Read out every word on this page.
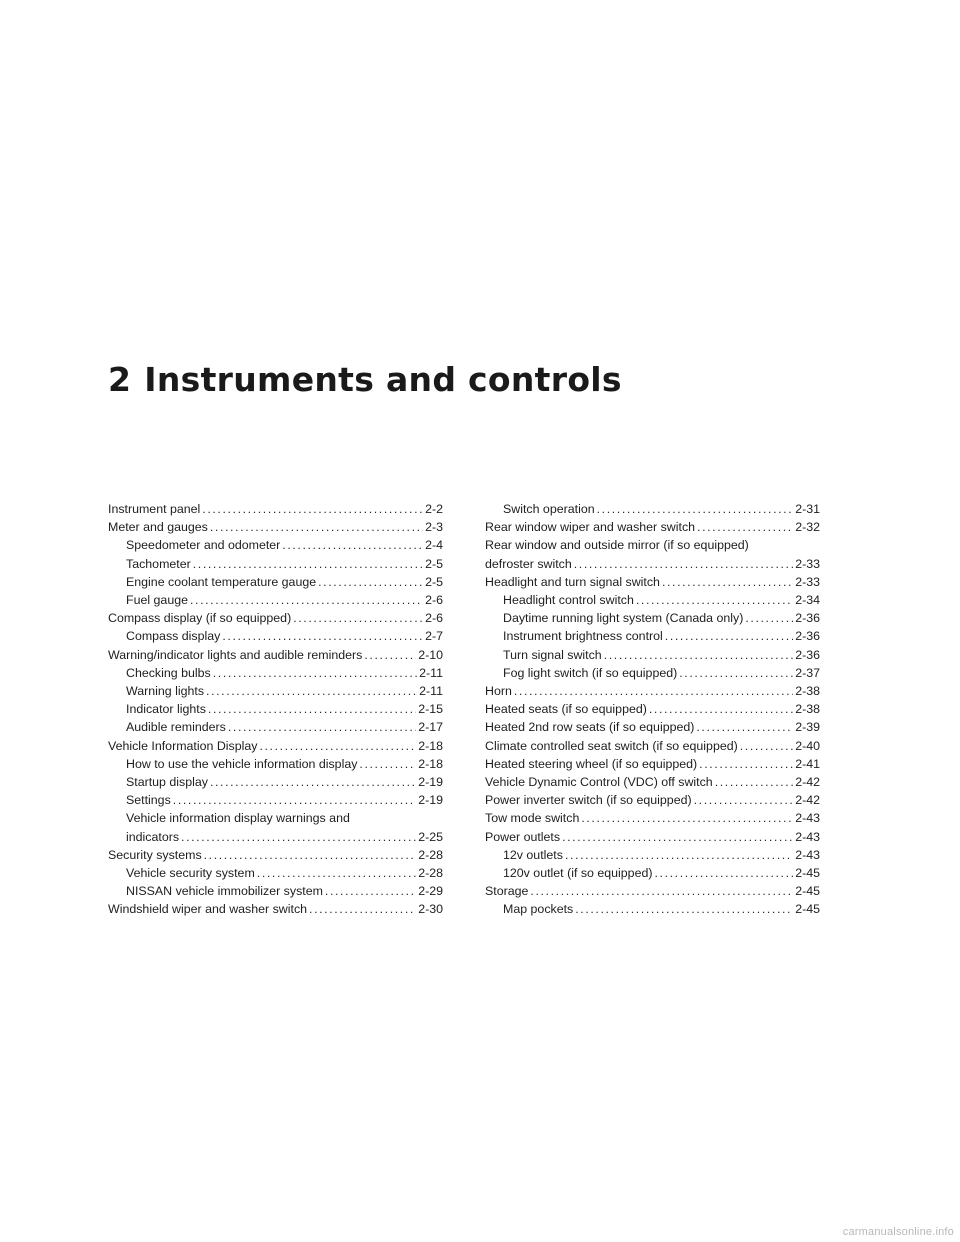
2 Instruments and controls
Instrument panel .....	2-2
Meter and gauges .....	2-3
Speedometer and odometer .....	2-4
Tachometer .....	2-5
Engine coolant temperature gauge .....	2-5
Fuel gauge .....	2-6
Compass display (if so equipped) .....	2-6
Compass display .....	2-7
Warning/indicator lights and audible reminders .....	2-10
Checking bulbs .....	2-11
Warning lights .....	2-11
Indicator lights .....	2-15
Audible reminders .....	2-17
Vehicle Information Display .....	2-18
How to use the vehicle information display .....	2-18
Startup display .....	2-19
Settings .....	2-19
Vehicle information display warnings and
indicators .....	2-25
Security systems .....	2-28
Vehicle security system .....	2-28
NISSAN vehicle immobilizer system .....	2-29
Windshield wiper and washer switch .....	2-30
Switch operation .....	2-31
Rear window wiper and washer switch .....	2-32
Rear window and outside mirror (if so equipped)
defroster switch .....	2-33
Headlight and turn signal switch .....	2-33
Headlight control switch .....	2-34
Daytime running light system (Canada only) .....	2-36
Instrument brightness control .....	2-36
Turn signal switch .....	2-36
Fog light switch (if so equipped) .....	2-37
Horn .....	2-38
Heated seats (if so equipped) .....	2-38
Heated 2nd row seats (if so equipped) .....	2-39
Climate controlled seat switch (if so equipped) .....	2-40
Heated steering wheel (if so equipped) .....	2-41
Vehicle Dynamic Control (VDC) off switch .....	2-42
Power inverter switch (if so equipped) .....	2-42
Tow mode switch .....	2-43
Power outlets .....	2-43
12v outlets .....	2-43
120v outlet (if so equipped) .....	2-45
Storage .....	2-45
Map pockets .....	2-45
carmanualsonline.info
